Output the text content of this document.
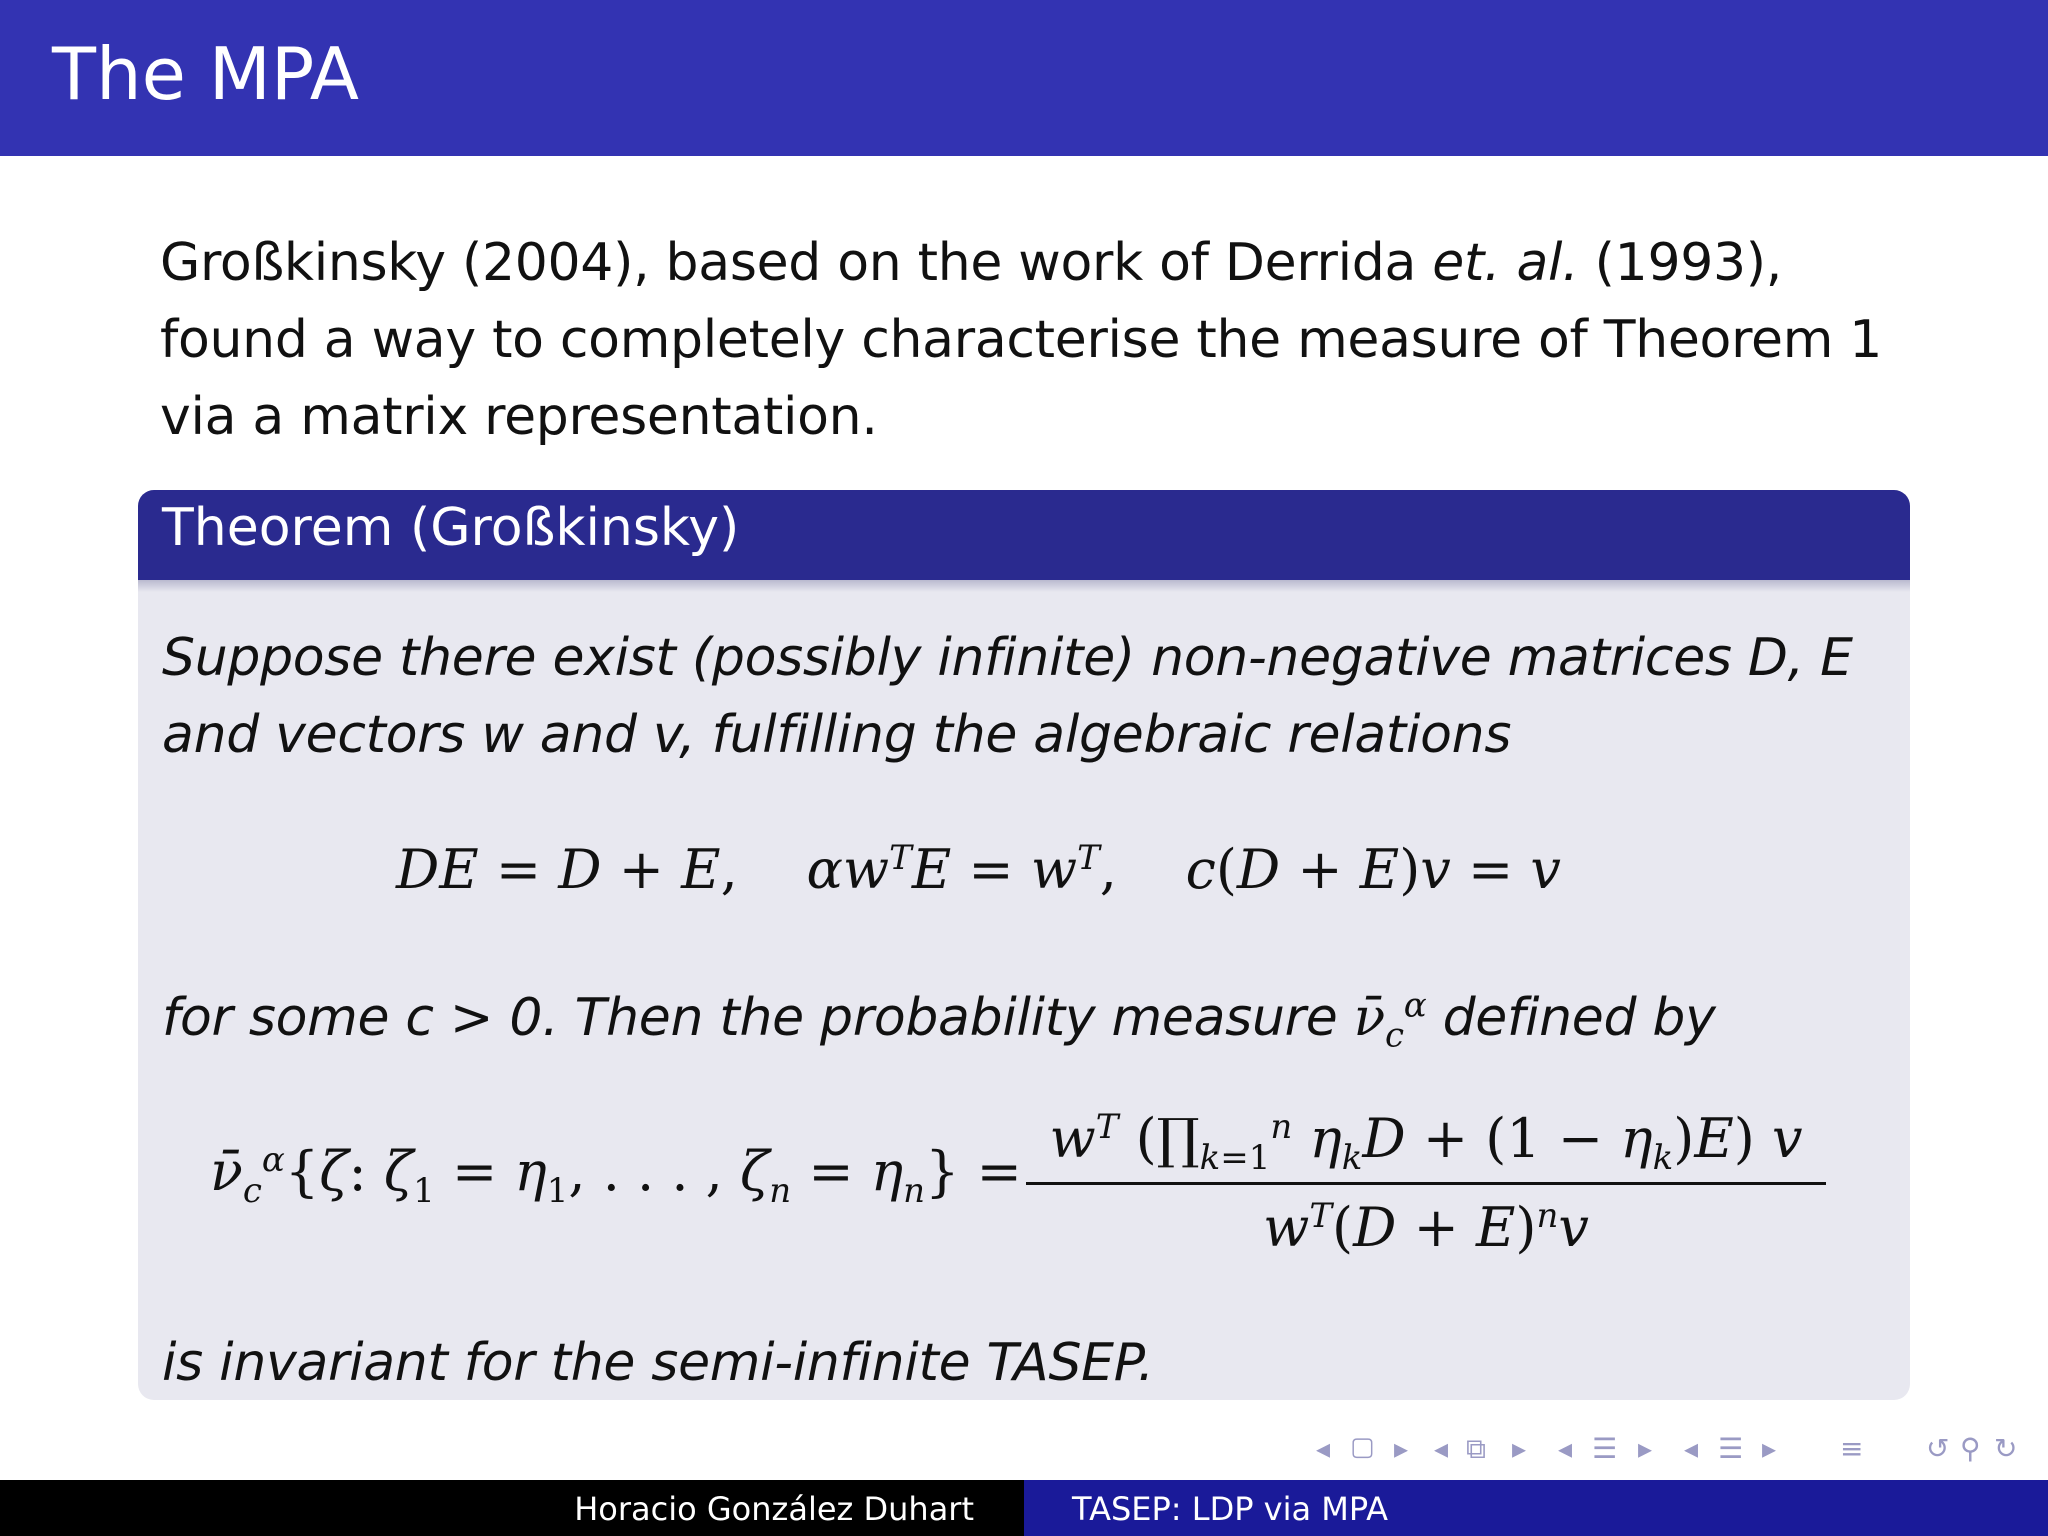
The MPA
Großkinsky (2004), based on the work of Derrida et. al. (1993),
found a way to completely characterise the measure of Theorem 1
via a matrix representation.
Theorem (Großkinsky)
Suppose there exist (possibly infinite) non-negative matrices D, E
and vectors w and v, fulfilling the algebraic relations
DE = D + E,    $\alpha w^TE = w^T$,    c(D + E)v = v
for some c > 0. Then the probability measure $\nū_c^\alpha$ defined by
$\nū_c^\alpha\{\zeta$: $\zeta_1 = \eta_1$, . . . , $\zeta_n = \eta_n$} =
$w^T$ ($\prod_{k=1}^n$ $\eta_kD + (1 - \eta_k)E$) v
$w^T(D + E)^nv$
is invariant for the semi-infinite TASEP.
◂ ▢ ▸ ◂ ⧉ ▸ ◂ ☰ ▸ ◂ ☰ ▸ ≡ ↺ ⚲ ↻
Horacio González Duhart	TASEP: LDP via MPA
